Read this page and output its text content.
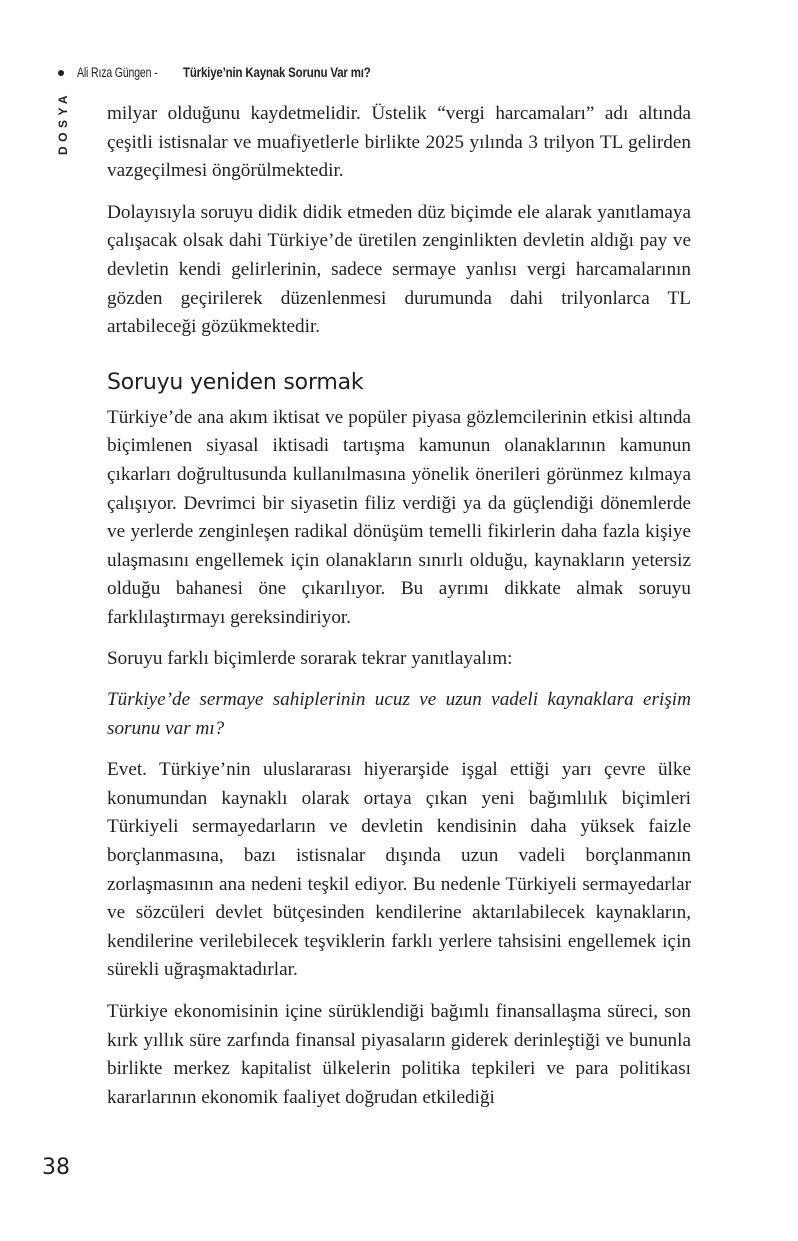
Ali Rıza Güngen -	Türkiye’nin Kaynak Sorunu Var mı?
DOSYA milyar olduğunu kaydetmelidir. Üstelik “vergi harcamaları” adı altında çeşitli istisnalar ve muafiyetlerle birlikte 2025 yılında 3 trilyon TL gelirden vazgeçilmesi öngörülmektedir.

Dolayısıyla soruyu didik didik etmeden düz biçimde ele alarak yanıtlamaya çalışacak olsak dahi Türkiye’de üretilen zenginlikten devletin aldığı pay ve devletin kendi gelirlerinin, sadece sermaye yanlısı vergi harcamalarının gözden geçirilerek düzenlenmesi durumunda dahi trilyonlarca TL artabileceği gözükmektedir.

Soruyu yeniden sormak

Türkiye’de ana akım iktisat ve popüler piyasa gözlemcilerinin etkisi altında biçimlenen siyasal iktisadi tartışma kamunun olanaklarının kamunun çıkarları doğrultusunda kullanılmasına yönelik önerileri görünmez kılmaya çalışıyor. Devrimci bir siyasetin filiz verdiği ya da güçlendiği dönemlerde ve yerlerde zenginleşen radikal dönüşüm temelli fikirlerin daha fazla kişiye ulaşmasını engellemek için olanakların sınırlı olduğu, kaynakların yetersiz olduğu bahanesi öne çıkarılıyor. Bu ayrımı dikkate almak soruyu farklılaştırmayı gereksindiriyor.

Soruyu farklı biçimlerde sorarak tekrar yanıtlayalım:

Türkiye’de sermaye sahiplerinin ucuz ve uzun vadeli kaynaklara erişim sorunu var mı?

Evet. Türkiye’nin uluslararası hiyerarşide işgal ettiği yarı çevre ülke konumundan kaynaklı olarak ortaya çıkan yeni bağımlılık biçimleri Türkiyeli sermayedarların ve devletin kendisinin daha yüksek faizle borçlanmasına, bazı istisnalar dışında uzun vadeli borçlanmanın zorlaşmasının ana nedeni teşkil ediyor. Bu nedenle Türkiyeli sermayedarlar ve sözcüleri devlet bütçesinden kendilerine aktarılabilecek kaynakların, kendilerine verilebilecek teşviklerin farklı yerlere tahsisini engellemek için sürekli uğraşmaktadırlar.

Türkiye ekonomisinin içine sürüklendiği bağımlı finansallaşma süreci, son kırk yıllık süre zarfında finansal piyasaların giderek derinleştiği ve bununla birlikte merkez kapitalist ülkelerin politika tepkileri ve para politikası kararlarının ekonomik faaliyet doğrudan etkilediği

38
